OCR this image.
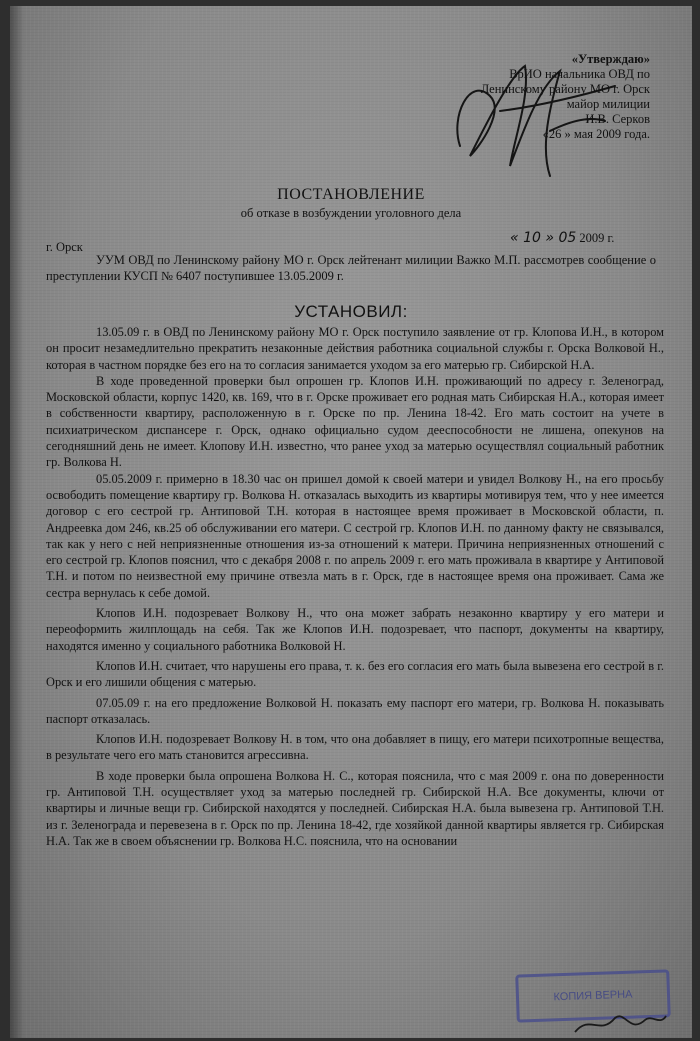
«Утверждаю»
ВрИО начальника ОВД по
Ленинскому району МО г. Орск
майор милиции
И.В. Серков
«26 » мая 2009 года.
ПОСТАНОВЛЕНИЕ
об отказе в возбуждении уголовного дела
« 10 » 05 2009 г.
г. Орск
УУМ ОВД по Ленинскому району МО г. Орск лейтенант милиции Важко М.П. рассмотрев сообщение о преступлении КУСП № 6407 поступившее 13.05.2009 г.
УСТАНОВИЛ:

13.05.09 г. в ОВД по Ленинскому району МО г. Орск поступило заявление от гр. Клопова И.Н., в котором он просит незамедлительно прекратить незаконные действия работника социальной службы г. Орска Волковой Н., которая в частном порядке без его на то согласия занимается уходом за его матерью гр. Сибирской Н.А.

В ходе проведенной проверки был опрошен гр. Клопов И.Н. проживающий по адресу г. Зеленоград, Московской области, корпус 1420, кв. 169, что в г. Орске проживает его родная мать Сибирская Н.А., которая имеет в собственности квартиру, расположенную в г. Орске по пр. Ленина 18-42. Его мать состоит на учете в психиатрическом диспансере г. Орск, однако официально судом дееспособности не лишена, опекунов на сегодняшний день не имеет. Клопову И.Н. известно, что ранее уход за матерью осуществлял социальный работник гр. Волкова Н.

05.05.2009 г. примерно в 18.30 час он пришел домой к своей матери и увидел Волкову Н., на его просьбу освободить помещение квартиру гр. Волкова Н. отказалась выходить из квартиры мотивируя тем, что у нее имеется договор с его сестрой гр. Антиповой Т.Н. которая в настоящее время проживает в Московской области, п. Андреевка дом 246, кв.25 об обслуживании его матери. С сестрой гр. Клопов И.Н. по данному факту не связывался, так как у него с ней неприязненные отношения из-за отношений к матери. Причина неприязненных отношений с его сестрой гр. Клопов пояснил, что с декабря 2008 г. по апрель 2009 г. его мать проживала в квартире у Антиповой Т.Н. и потом по неизвестной ему причине отвезла мать в г. Орск, где в настоящее время она проживает. Сама же сестра вернулась к себе домой.

Клопов И.Н. подозревает Волкову Н., что она может забрать незаконно квартиру у его матери и переоформить жилплощадь на себя. Так же Клопов И.Н. подозревает, что паспорт, документы на квартиру, находятся именно у социального работника Волковой Н.

Клопов И.Н. считает, что нарушены его права, т. к. без его согласия его мать была вывезена его сестрой в г. Орск и его лишили общения с матерью.

07.05.09 г. на его предложение Волковой Н. показать ему паспорт его матери, гр. Волкова Н. показывать паспорт отказалась.

Клопов И.Н. подозревает Волкову Н. в том, что она добавляет в пищу, его матери психотропные вещества, в результате чего его мать становится агрессивна.

В ходе проверки была опрошена Волкова Н. С., которая пояснила, что с мая 2009 г. она по доверенности гр. Антиповой Т.Н. осуществляет уход за матерью последней гр. Сибирской Н.А. Все документы, ключи от квартиры и личные вещи гр. Сибирской находятся у последней. Сибирская Н.А. была вывезена гр. Антиповой Т.Н. из г. Зеленограда и перевезена в г. Орск по пр. Ленина 18-42, где хозяйкой данной квартиры является гр. Сибирская Н.А. Так же в своем объяснении гр. Волкова Н.С. пояснила, что на основании

КОПИЯ ВЕРНА
